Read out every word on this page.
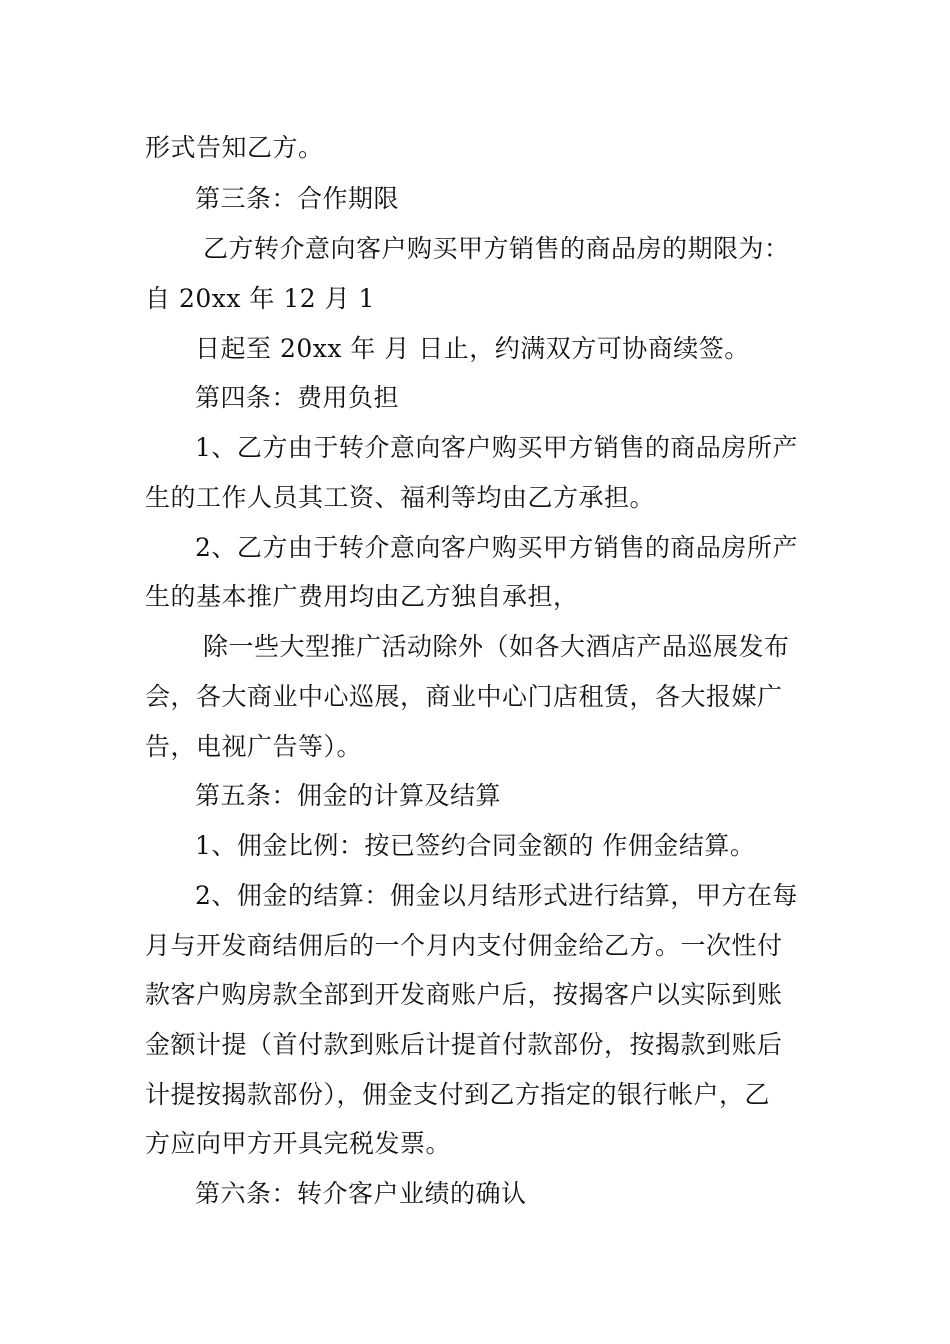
形式告知乙方。
第三条：合作期限
乙方转介意向客户购买甲方销售的商品房的期限为：
自 20xx 年 12 月 1
日起至 20xx 年 月 日止，约满双方可协商续签。
第四条：费用负担
1、乙方由于转介意向客户购买甲方销售的商品房所产
生的工作人员其工资、福利等均由乙方承担。
2、乙方由于转介意向客户购买甲方销售的商品房所产
生的基本推广费用均由乙方独自承担，
除一些大型推广活动除外（如各大酒店产品巡展发布
会，各大商业中心巡展，商业中心门店租赁，各大报媒广
告，电视广告等）。
第五条：佣金的计算及结算
1、佣金比例：按已签约合同金额的 作佣金结算。
2、佣金的结算：佣金以月结形式进行结算，甲方在每
月与开发商结佣后的一个月内支付佣金给乙方。一次性付
款客户购房款全部到开发商账户后，按揭客户以实际到账
金额计提（首付款到账后计提首付款部份，按揭款到账后
计提按揭款部份），佣金支付到乙方指定的银行帐户，乙
方应向甲方开具完税发票。
第六条：转介客户业绩的确认
